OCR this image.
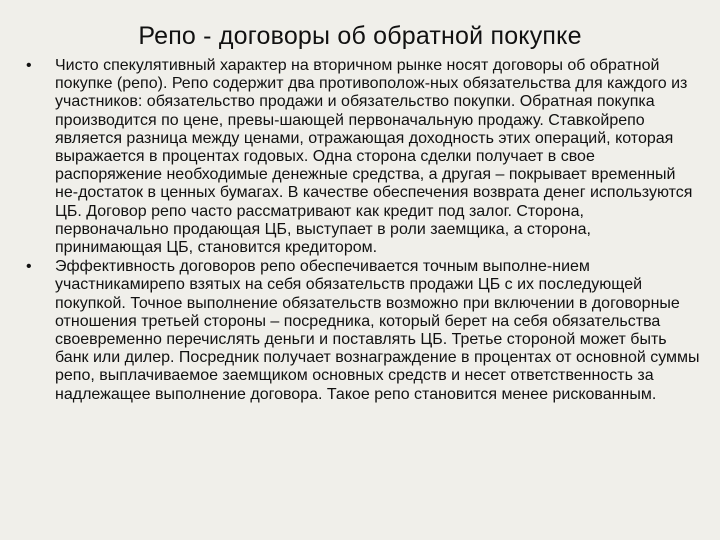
Репо - договоры об обратной покупке
•	Чисто спекулятивный характер на вторичном рынке носят договоры об обратной покупке (репо). Репо содержит два противополож-ных обязательства для каждого из участников: обязательство продажи и обязательство покупки. Обратная покупка производится по цене, превы-шающей первоначальную продажу. Ставкойрепо является разница между ценами, отражающая доходность этих операций, которая выражается в процентах годовых. Одна сторона сделки получает в свое распоряжение необходимые денежные средства, а другая – покрывает временный не-достаток в ценных бумагах. В качестве обеспечения возврата денег используются ЦБ. Договор репо часто рассматривают как кредит под залог. Сторона, первоначально продающая ЦБ, выступает в роли заемщика, а сторона, принимающая ЦБ, становится кредитором.
•	Эффективность договоров репо обеспечивается точным выполне-нием участникамирепо взятых на себя обязательств продажи ЦБ с их последующей покупкой. Точное выполнение обязательств возможно при включении в договорные отношения третьей стороны – посредника, который берет на себя обязательства своевременно перечислять деньги и поставлять ЦБ. Третье стороной может быть банк или дилер. Посредник получает вознаграждение в процентах от основной суммы репо, выплачиваемое заемщиком основных средств и несет ответственность за надлежащее выполнение договора. Такое репо становится менее рискованным.
